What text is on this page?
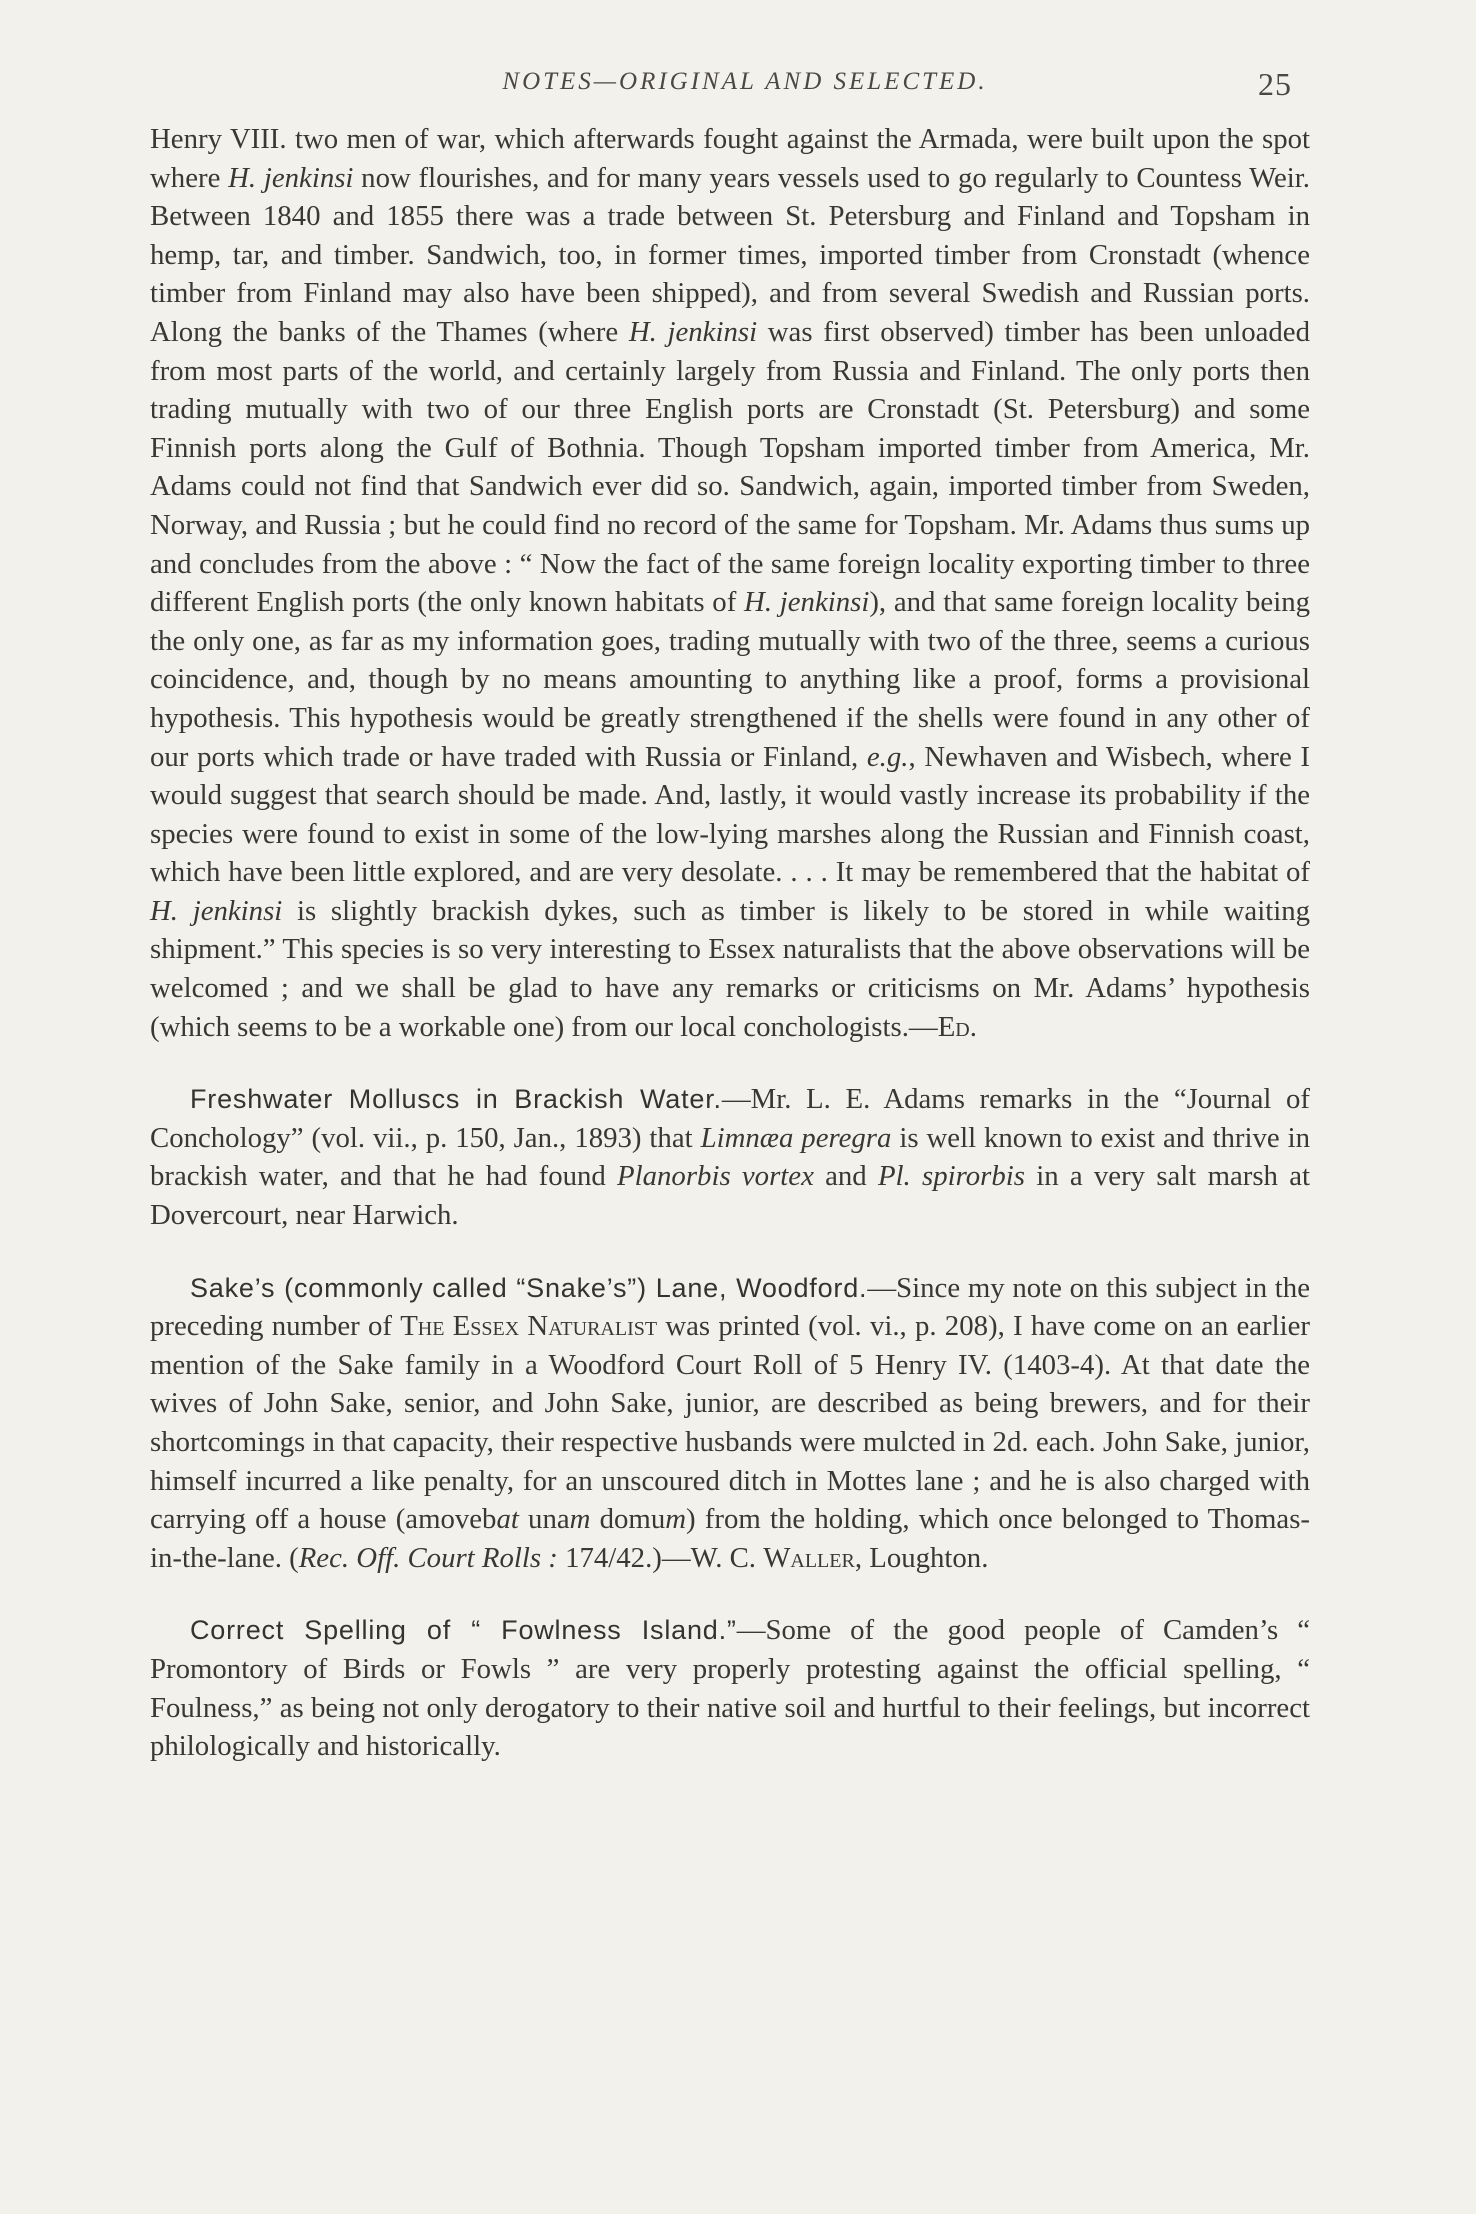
NOTES—ORIGINAL AND SELECTED.	25

Henry VIII. two men of war, which afterwards fought against the Armada, were built upon the spot where H. jenkinsi now flourishes, and for many years vessels used to go regularly to Countess Weir. Between 1840 and 1855 there was a trade between St. Petersburg and Finland and Topsham in hemp, tar, and timber. Sandwich, too, in former times, imported timber from Cronstadt (whence timber from Finland may also have been shipped), and from several Swedish and Russian ports. Along the banks of the Thames (where H. jenkinsi was first observed) timber has been unloaded from most parts of the world, and certainly largely from Russia and Finland. The only ports then trading mutually with two of our three English ports are Cronstadt (St. Petersburg) and some Finnish ports along the Gulf of Bothnia. Though Topsham imported timber from America, Mr. Adams could not find that Sandwich ever did so. Sandwich, again, imported timber from Sweden, Norway, and Russia ; but he could find no record of the same for Topsham. Mr. Adams thus sums up and concludes from the above : “ Now the fact of the same foreign locality exporting timber to three different English ports (the only known habitats of H. jenkinsi), and that same foreign locality being the only one, as far as my information goes, trading mutually with two of the three, seems a curious coincidence, and, though by no means amounting to anything like a proof, forms a provisional hypothesis. This hypothesis would be greatly strengthened if the shells were found in any other of our ports which trade or have traded with Russia or Finland, e.g., Newhaven and Wisbech, where I would suggest that search should be made. And, lastly, it would vastly increase its probability if the species were found to exist in some of the low-lying marshes along the Russian and Finnish coast, which have been little explored, and are very desolate. . . . It may be remembered that the habitat of H. jenkinsi is slightly brackish dykes, such as timber is likely to be stored in while waiting shipment.” This species is so very interesting to Essex naturalists that the above observations will be welcomed ; and we shall be glad to have any remarks or criticisms on Mr. Adams’ hypothesis (which seems to be a workable one) from our local conchologists.—Ed.

Freshwater Molluscs in Brackish Water.—Mr. L. E. Adams remarks in the “Journal of Conchology” (vol. vii., p. 150, Jan., 1893) that Limnæa peregra is well known to exist and thrive in brackish water, and that he had found Planorbis vortex and Pl. spirorbis in a very salt marsh at Dovercourt, near Harwich.

Sake’s (commonly called “Snake’s”) Lane, Woodford.—Since my note on this subject in the preceding number of The Essex Naturalist was printed (vol. vi., p. 208), I have come on an earlier mention of the Sake family in a Woodford Court Roll of 5 Henry IV. (1403-4). At that date the wives of John Sake, senior, and John Sake, junior, are described as being brewers, and for their shortcomings in that capacity, their respective husbands were mulcted in 2d. each. John Sake, junior, himself incurred a like penalty, for an unscoured ditch in Mottes lane ; and he is also charged with carrying off a house (amovebat unam domum) from the holding, which once belonged to Thomas-in-the-lane. (Rec. Off. Court Rolls : 174/42.)—W. C. Waller, Loughton.

Correct Spelling of “ Fowlness Island.”—Some of the good people of Camden’s “ Promontory of Birds or Fowls ” are very properly protesting against the official spelling, “ Foulness,” as being not only derogatory to their native soil and hurtful to their feelings, but incorrect philologically and historically.
